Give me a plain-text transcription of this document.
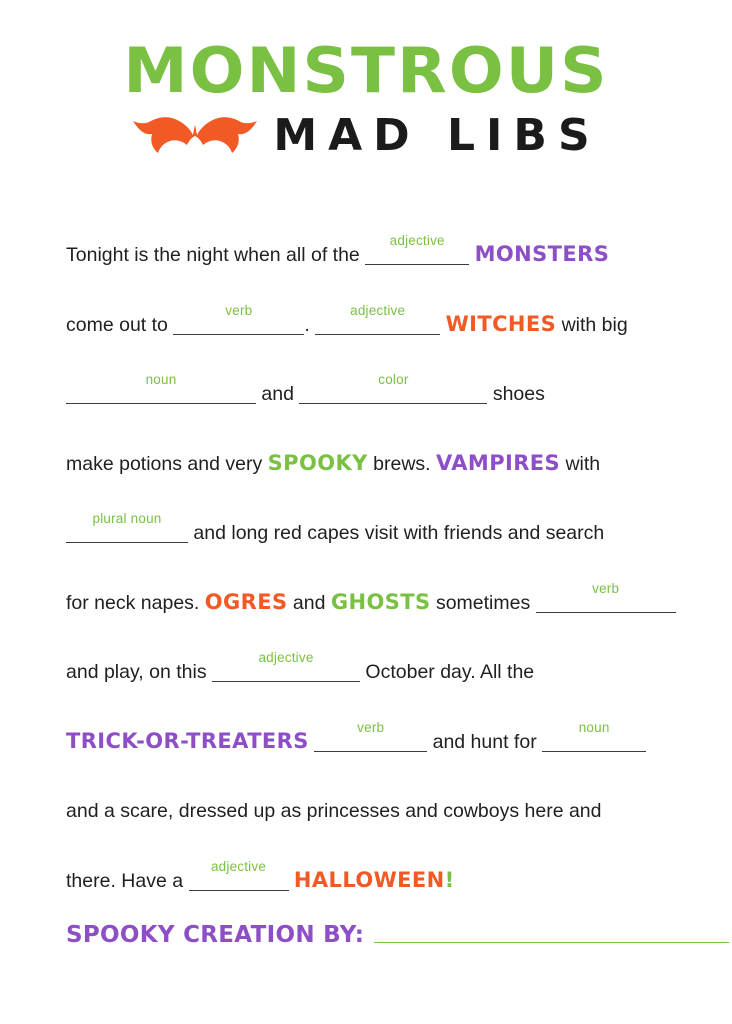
MONSTROUS
MAD LIBS
Tonight is the night when all of the
adjective
MONSTERS
come out to
verb
.
adjective
WITCHES with big
noun
and
color
shoes
make potions and very SPOOKY brews. VAMPIRES with
plural noun
and long red capes visit with friends and search
for neck napes. OGRES and GHOSTS sometimes
verb
and play, on this
adjective
October day. All the
TRICK-OR-TREATERS
verb
and hunt for
noun
and a scare, dressed up as princesses and cowboys here and
there. Have a
adjective
HALLOWEEN!
SPOOKY CREATION BY:
